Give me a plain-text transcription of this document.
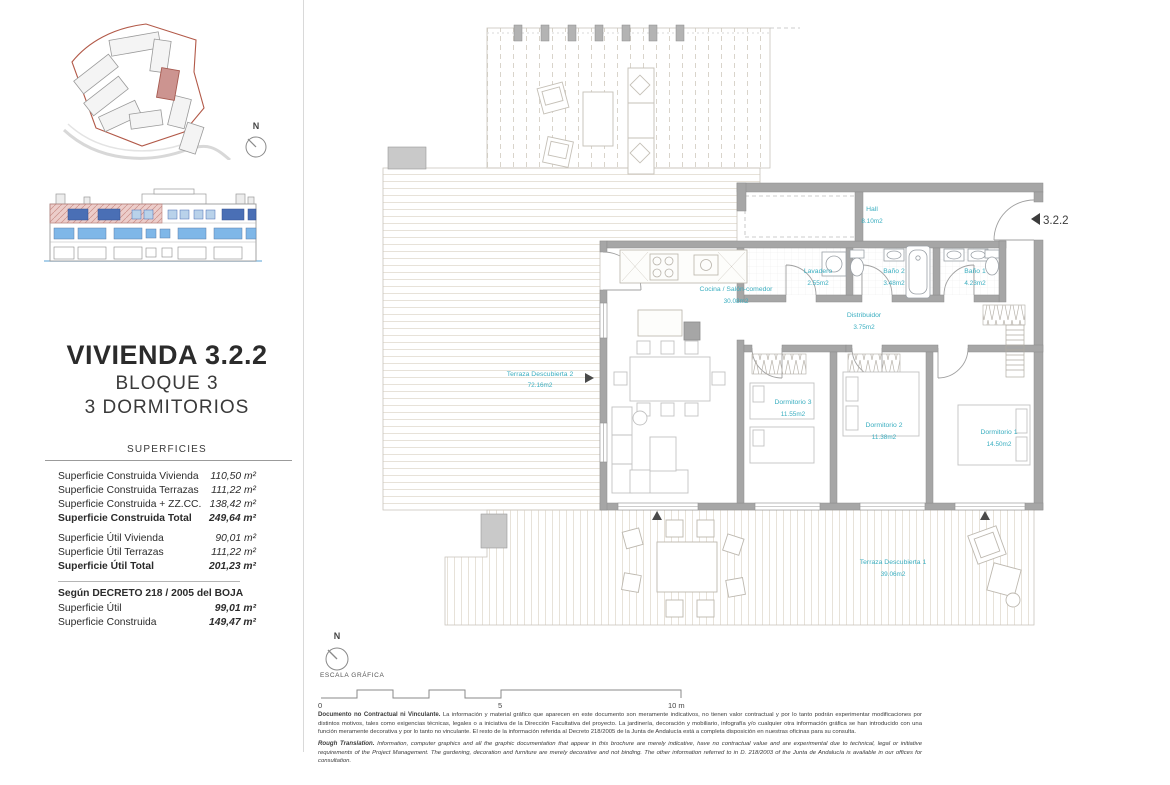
N
VIVIENDA 3.2.2
BLOQUE 3
3 DORMITORIOS
SUPERFICIES
Superficie Construida Vivienda 110,50 m²
Superficie Construida Terrazas 111,22 m²
Superficie Construida + ZZ.CC. 138,42 m²
Superficie Construida Total 249,64 m²
Superficie Útil Vivienda	90,01 m²
Superficie Útil Terrazas	111,22 m²
Superficie Útil Total	201,23 m²
Según DECRETO 218 / 2005 del BOJA
Superficie Útil	99,01 m²
Superficie Construida	149,47 m²
Terraza Descubierta 2
72.16m2
Cocina / Salón-comedor
30.08m2
Hall
8.10m2
Lavadero
2.55m2
Baño 2
3.48m2
Baño 1
4.23m2
Distribuidor
3.75m2
Dormitorio 3
11.55m2
Dormitorio 2
11.38m2
Dormitorio 1
14.50m2
Terraza Descubierta 1
39.06m2
3.2.2
N
ESCALA GRÁFICA
0	5	10 m
Documento no Contractual ni Vinculante. La información y material gráfico que aparecen en este documento son meramente indicativos, no tienen valor contractual y por lo tanto podrán experimentar modificaciones por distintos motivos, tales como exigencias técnicas, legales o a iniciativa de la Dirección Facultativa del proyecto. La jardinería, decoración y mobiliario, infografía y/o cualquier otra información gráfica se han introducido con una función meramente decorativa y por lo tanto no vinculante. El resto de la información referida al Decreto 218/2005 de la Junta de Andalucía está a completa disposición en nuestras oficinas para su consulta.
Rough Translation. Information, computer graphics and all the graphic documentation that appear in this brochure are merely indicative, have no contractual value and are experimental due to technical, legal or initiative requirements of the Project Management. The gardening, decoration and furniture are merely decorative and not binding. The other information referred to in D. 218/2003 of the Junta de Andalucía is available in our offices for consultation.
